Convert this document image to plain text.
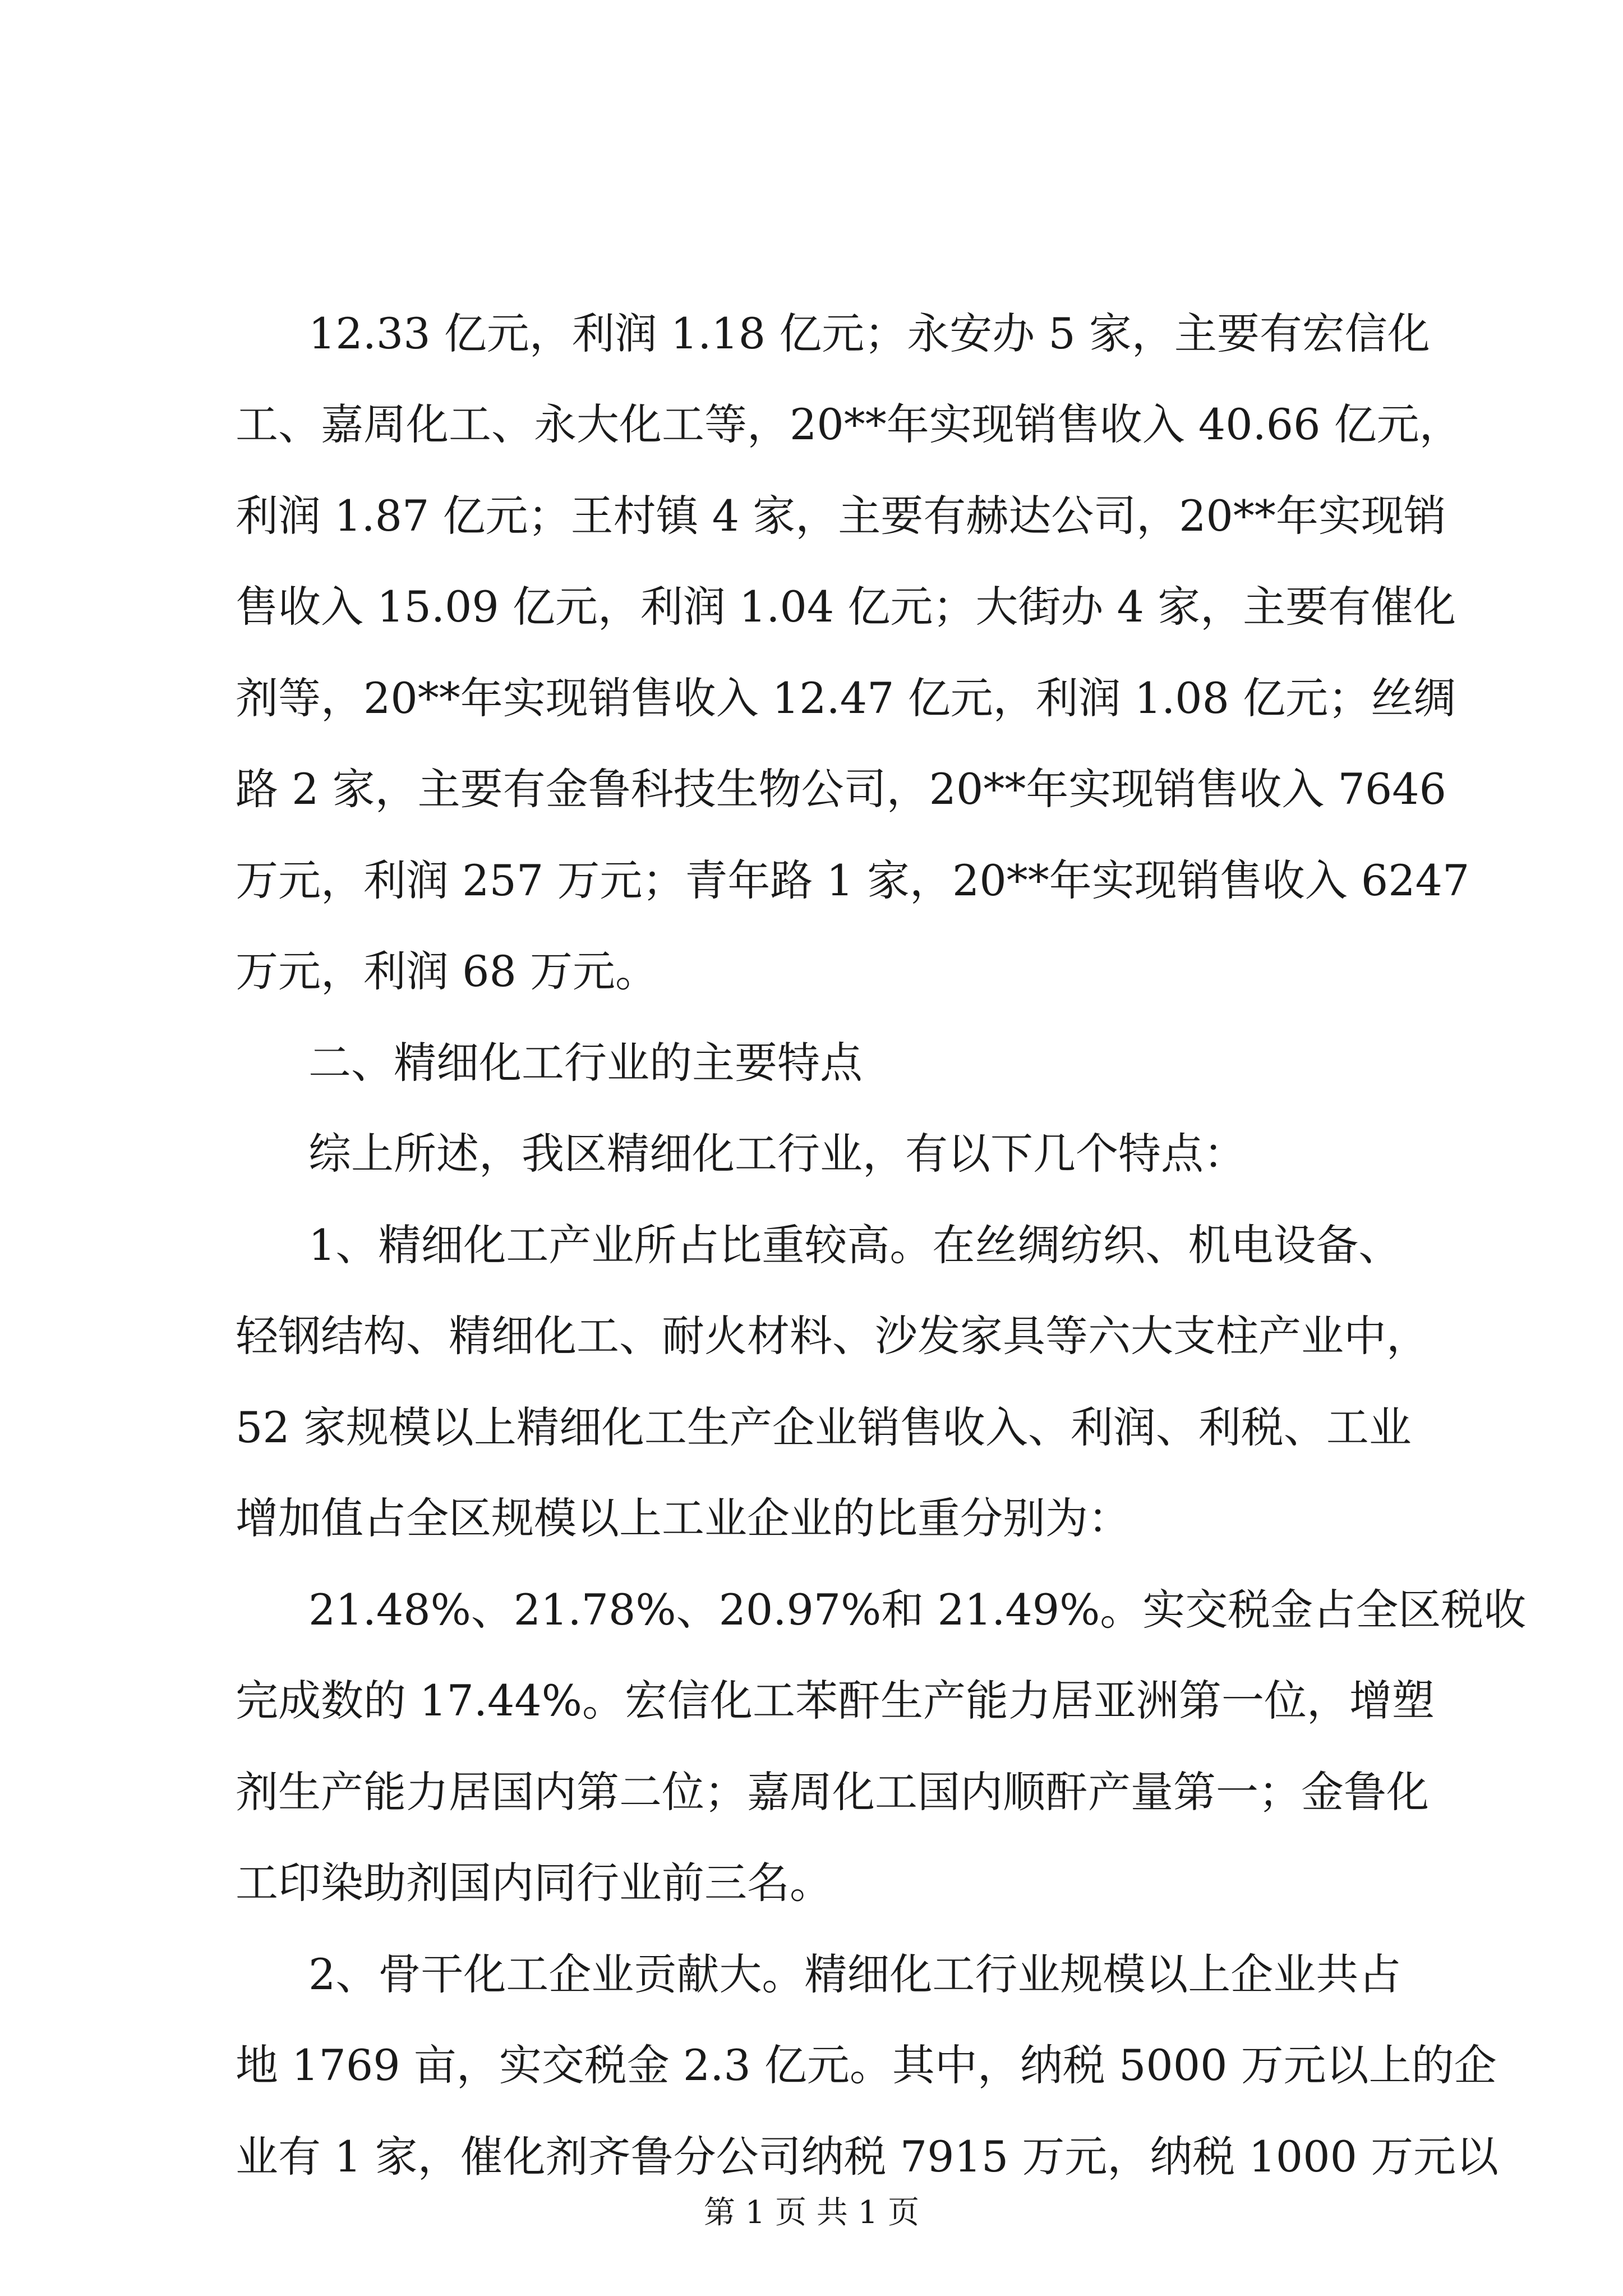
12.33 亿元，利润 1.18 亿元；永安办 5 家，主要有宏信化
工、嘉周化工、永大化工等，20**年实现销售收入 40.66 亿元，
利润 1.87 亿元；王村镇 4 家，主要有赫达公司，20**年实现销
售收入 15.09 亿元，利润 1.04 亿元；大街办 4 家，主要有催化
剂等，20**年实现销售收入 12.47 亿元，利润 1.08 亿元；丝绸
路 2 家，主要有金鲁科技生物公司，20**年实现销售收入 7646
万元，利润 257 万元；青年路 1 家，20**年实现销售收入 6247
万元，利润 68 万元。
二、精细化工行业的主要特点
综上所述，我区精细化工行业，有以下几个特点：
1、精细化工产业所占比重较高。在丝绸纺织、机电设备、
轻钢结构、精细化工、耐火材料、沙发家具等六大支柱产业中，
52 家规模以上精细化工生产企业销售收入、利润、利税、工业
增加值占全区规模以上工业企业的比重分别为：
21.48%、21.78%、20.97%和 21.49%。实交税金占全区税收
完成数的 17.44%。宏信化工苯酐生产能力居亚洲第一位，增塑
剂生产能力居国内第二位；嘉周化工国内顺酐产量第一；金鲁化
工印染助剂国内同行业前三名。
2、骨干化工企业贡献大。精细化工行业规模以上企业共占
地 1769 亩，实交税金 2.3 亿元。其中，纳税 5000 万元以上的企
业有 1 家，催化剂齐鲁分公司纳税 7915 万元，纳税 1000 万元以
第 1 页 共 1 页
